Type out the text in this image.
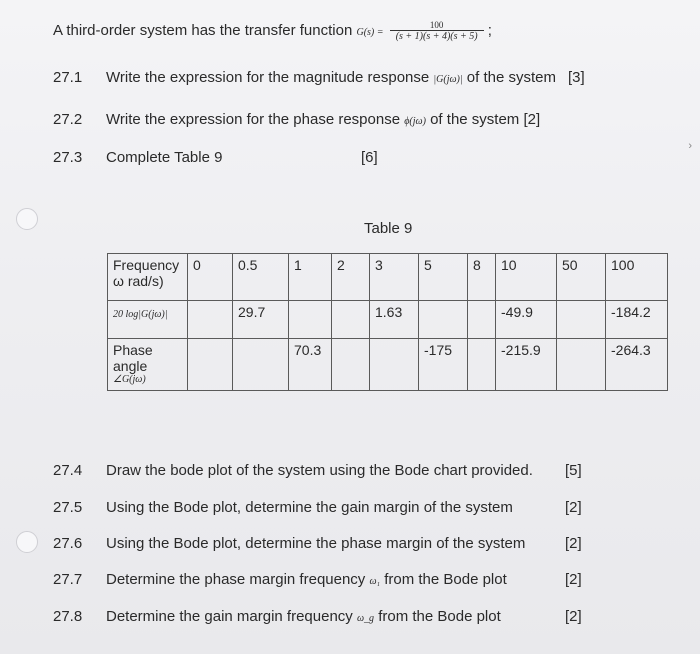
A third-order system has the transfer function $G(s) = \frac{100}{(s + 1)(s + 4)(s + 5)}$ ;
27.1 Write the expression for the magnitude response |G(jω)| of the system [3]
27.2 Write the expression for the phase response ϕ(jω) of the system [2]
27.3 Complete Table 9	[6]
›
Table 9
Frequency
ω rad/s)	0	0.5	1	2	3	5	8	10	50	100
20 log|G(jω)|		29.7			1.63			-49.9		-184.2

Phase angle
∠G(jω)			70.3			-175		-215.9		-264.3
27.4 Draw the bode plot of the system using the Bode chart provided. [5]
27.5 Using the Bode plot, determine the gain margin of the system	[2]
27.6 Using the Bode plot, determine the phase margin of the system	[2]
27.7 Determine the phase margin frequency ω₁ from the Bode plot	[2]
27.8 Determine the gain margin frequency ω_g from the Bode plot	[2]
